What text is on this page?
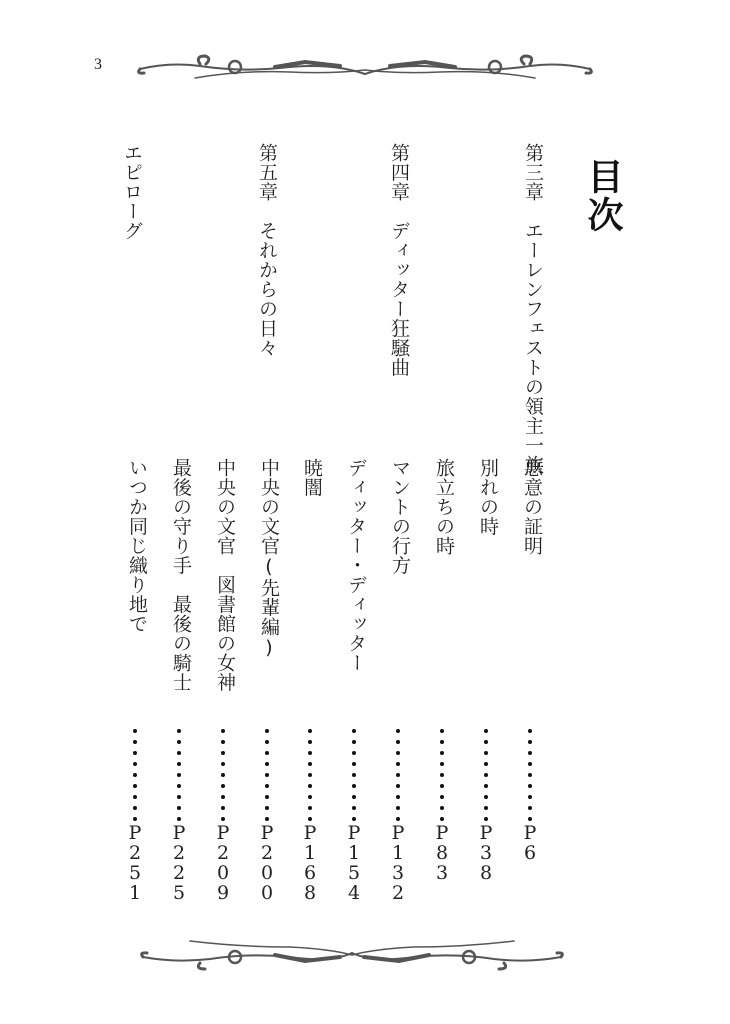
3
目次
第三章　エーレンフェストの領主一族
第四章　ディッター狂騒曲
第五章　それからの日々
エピローグ
悪意の証明
別れの時
旅立ちの時
マントの行方
ディッター・ディッター
暁闇
中央の文官(先輩編)
中央の文官　図書館の女神
最後の守り手　最後の騎士
いつか同じ織り地で
P6
P38
P83
P132
P154
P168
P200
P209
P225
P251
